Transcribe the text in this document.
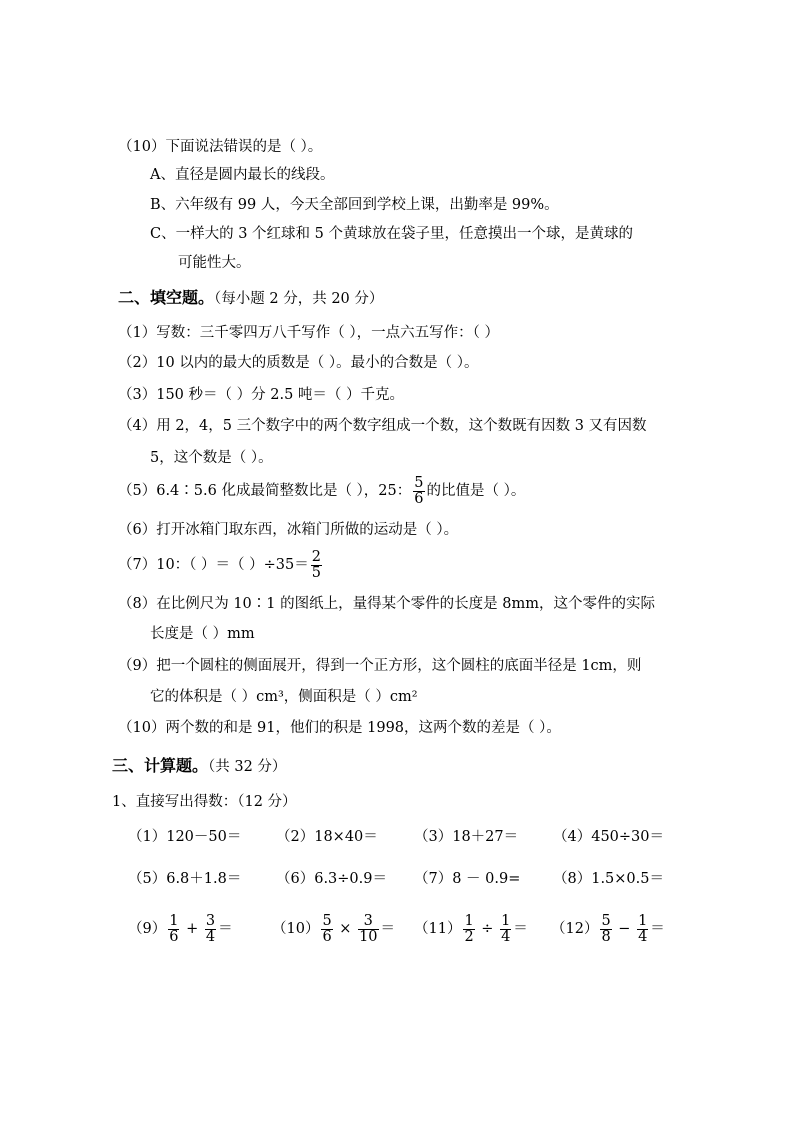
（10）下面说法错误的是（ ）。
A、直径是圆内最长的线段。
B、六年级有 99 人，今天全部回到学校上课，出勤率是 99%。
C、一样大的 3 个红球和 5 个黄球放在袋子里，任意摸出一个球，是黄球的
可能性大。
二、填空题。（每小题 2 分，共 20 分）
（1）写数：三千零四万八千写作（ ），一点六五写作：（ ）
（2）10 以内的最大的质数是（ ）。最小的合数是（ ）。
（3）150 秒＝（ ）分 2.5 吨＝（ ）千克。
（4）用 2，4，5 三个数字中的两个数字组成一个数，这个数既有因数 3 又有因数
5，这个数是（ ）。
（5）6.4∶5.6 化成最简整数比是（ ），25： $\frac{5}{6}$ 的比值是（ ）。
（6）打开冰箱门取东西，冰箱门所做的运动是（ ）。
（7）10：（ ）＝（ ）$\div 35= \frac{2}{5}$
（8）在比例尺为 10∶1 的图纸上，量得某个零件的长度是 8mm，这个零件的实际
长度是（ ）mm
（9）把一个圆柱的侧面展开，得到一个正方形，这个圆柱的底面半径是 1cm，则
它的体积是（ ）cm³，侧面积是（ ）cm²
（10）两个数的和是 91，他们的积是 1998，这两个数的差是（ ）。
三、计算题。（共 32 分）
1、直接写出得数：（12 分）
（1）120－50＝ （2）18×40＝ （3）18＋27＝ （4）450÷30＝
（5）6.8＋1.8＝ （6）6.3÷0.9＝ （7）8 － 0.9= （8）1.5×0.5＝
$(9) \frac{1}{6} + \frac{3}{4}$ ＝	$(10) \frac{5}{6} \times \frac{3}{10} = (11) \frac{1}{2} \div \frac{1}{4} = (12) \frac{5}{8} - \frac{1}{4}$ ＝
